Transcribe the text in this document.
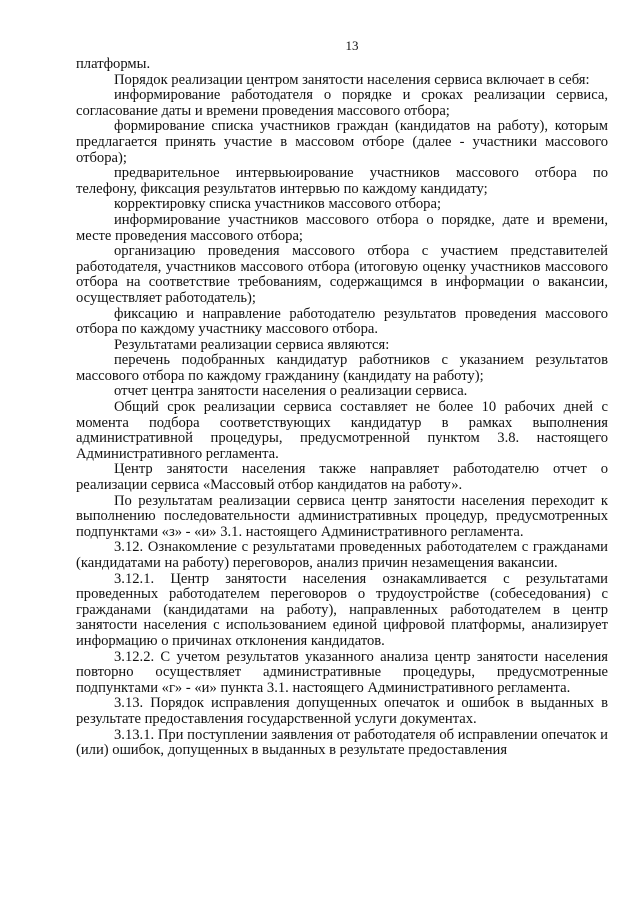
13

платформы.

Порядок реализации центром занятости населения сервиса включает в себя:

информирование работодателя о порядке и сроках реализации сервиса, согласование даты и времени проведения массового отбора;

формирование списка участников граждан (кандидатов на работу), которым предлагается принять участие в массовом отборе (далее - участники массового отбора);

предварительное интервьюирование участников массового отбора по телефону, фиксация результатов интервью по каждому кандидату;

корректировку списка участников массового отбора;

информирование участников массового отбора о порядке, дате и времени, месте проведения массового отбора;

организацию проведения массового отбора с участием представителей работодателя, участников массового отбора (итоговую оценку участников массового отбора на соответствие требованиям, содержащимся в информации о вакансии, осуществляет работодатель);

фиксацию и направление работодателю результатов проведения массового отбора по каждому участнику массового отбора.

Результатами реализации сервиса являются:

перечень подобранных кандидатур работников с указанием результатов массового отбора по каждому гражданину (кандидату на работу);

отчет центра занятости населения о реализации сервиса.

Общий срок реализации сервиса составляет не более 10 рабочих дней с момента подбора соответствующих кандидатур в рамках выполнения административной процедуры, предусмотренной пунктом 3.8. настоящего Административного регламента.

Центр занятости населения также направляет работодателю отчет о реализации сервиса «Массовый отбор кандидатов на работу».

По результатам реализации сервиса центр занятости населения переходит к выполнению последовательности административных процедур, предусмотренных подпунктами «з» - «и» 3.1. настоящего Административного регламента.

3.12. Ознакомление с результатами проведенных работодателем с гражданами (кандидатами на работу) переговоров, анализ причин незамещения вакансии.

3.12.1. Центр занятости населения ознакамливается с результатами проведенных работодателем переговоров о трудоустройстве (собеседования) с гражданами (кандидатами на работу), направленных работодателем в центр занятости населения с использованием единой цифровой платформы, анализирует информацию о причинах отклонения кандидатов.

3.12.2. С учетом результатов указанного анализа центр занятости населения повторно осуществляет административные процедуры, предусмотренные подпунктами «г» - «и» пункта 3.1. настоящего Административного регламента.

3.13. Порядок исправления допущенных опечаток и ошибок в выданных в результате предоставления государственной услуги документах.

3.13.1. При поступлении заявления от работодателя об исправлении опечаток и (или) ошибок, допущенных в выданных в результате предоставления
